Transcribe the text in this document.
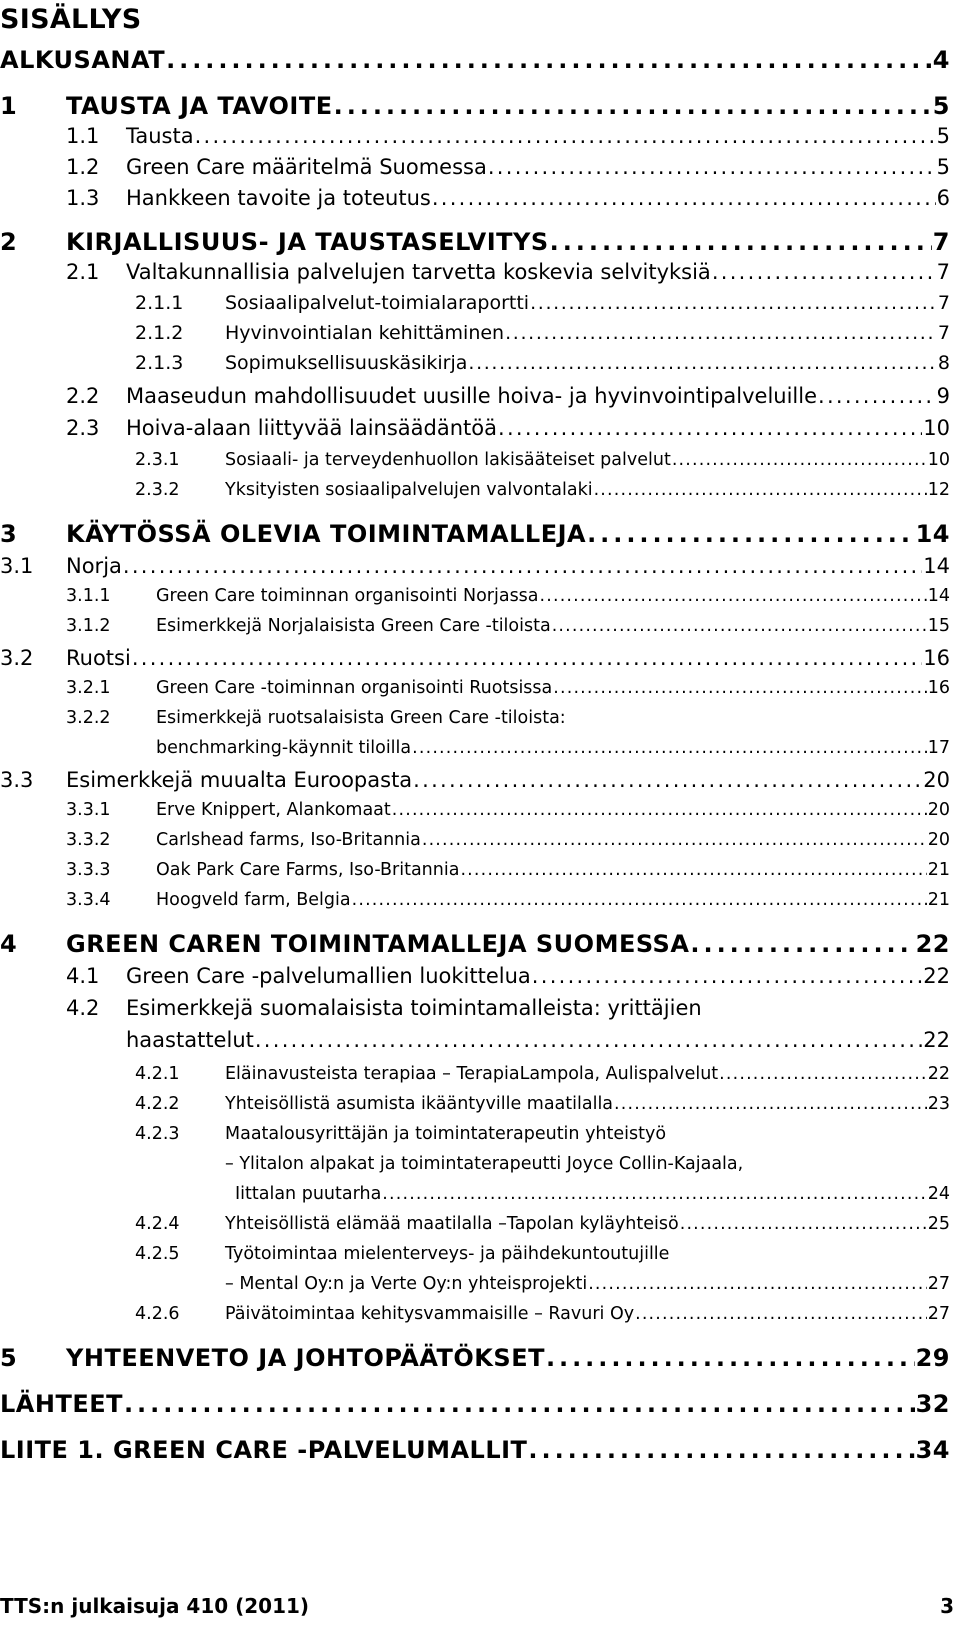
SISÄLLYS
ALKUSANAT . . .	4
1	TAUSTA JA TAVOITE . . .	5
1.1	Tausta . . .	5
1.2	Green Care määritelmä Suomessa . . .	5
1.3	Hankkeen tavoite ja toteutus . . .	6
2	KIRJALLISUUS- JA TAUSTASELVITYS . . .	7
2.1	Valtakunnallisia palvelujen tarvetta koskevia selvityksiä . . .	7
2.1.1	Sosiaalipalvelut-toimialaraportti . . .	7
2.1.2	Hyvinvointialan kehittäminen . . .	7
2.1.3	Sopimuksellisuuskäsikirja . . .	8
2.2	Maaseudun mahdollisuudet uusille hoiva- ja hyvinvointipalveluille . . .	9
2.3	Hoiva-alaan liittyvää lainsäädäntöä . . .	10
2.3.1	Sosiaali- ja terveydenhuollon lakisääteiset palvelut . . .	10
2.3.2	Yksityisten sosiaalipalvelujen valvontalaki . . .	12
3	KÄYTÖSSÄ OLEVIA TOIMINTAMALLEJA . . .	14
3.1	Norja . . .	14
3.1.1	Green Care toiminnan organisointi Norjassa . . .	14
3.1.2	Esimerkkejä Norjalaisista Green Care -tiloista . . .	15
3.2	Ruotsi . . .	16
3.2.1	Green Care -toiminnan organisointi Ruotsissa . . .	16
3.2.2	Esimerkkejä ruotsalaisista Green Care -tiloista:
benchmarking-käynnit tiloilla . . .	17
3.3	Esimerkkejä muualta Euroopasta . . .	20
3.3.1	Erve Knippert, Alankomaat . . .	20
3.3.2	Carlshead farms, Iso-Britannia . . .	20
3.3.3	Oak Park Care Farms, Iso-Britannia . . .	21
3.3.4	Hoogveld farm, Belgia . . .	21
4	GREEN CAREN TOIMINTAMALLEJA SUOMESSA . . .	22
4.1	Green Care -palvelumallien luokittelua . . .	22
4.2 Esimerkkejä suomalaisista toimintamalleista: yrittäjien
haastattelut . . .	22
4.2.1	Eläinavusteista terapiaa – TerapiaLampola, Aulispalvelut . . .	22
4.2.2	Yhteisöllistä asumista ikääntyville maatilalla . . .	23
4.2.3	Maatalousyrittäjän ja toimintaterapeutin yhteistyö
– Ylitalon alpakat ja toimintaterapeutti Joyce Collin-Kajaala,
Iittalan puutarha . . .	24
4.2.4	Yhteisöllistä elämää maatilalla –Tapolan kyläyhteisö . . .	25
4.2.5	Työtoimintaa mielenterveys- ja päihdekuntoutujille
– Mental Oy:n ja Verte Oy:n yhteisprojekti . . .	27
4.2.6	Päivätoimintaa kehitysvammaisille – Ravuri Oy . . .	27
5	YHTEENVETO JA JOHTOPÄÄTÖKSET . . .	29
LÄHTEET . . .	32
LIITE 1. GREEN CARE -PALVELUMALLIT . . .	34
TTS:n julkaisuja 410 (2011)	3
